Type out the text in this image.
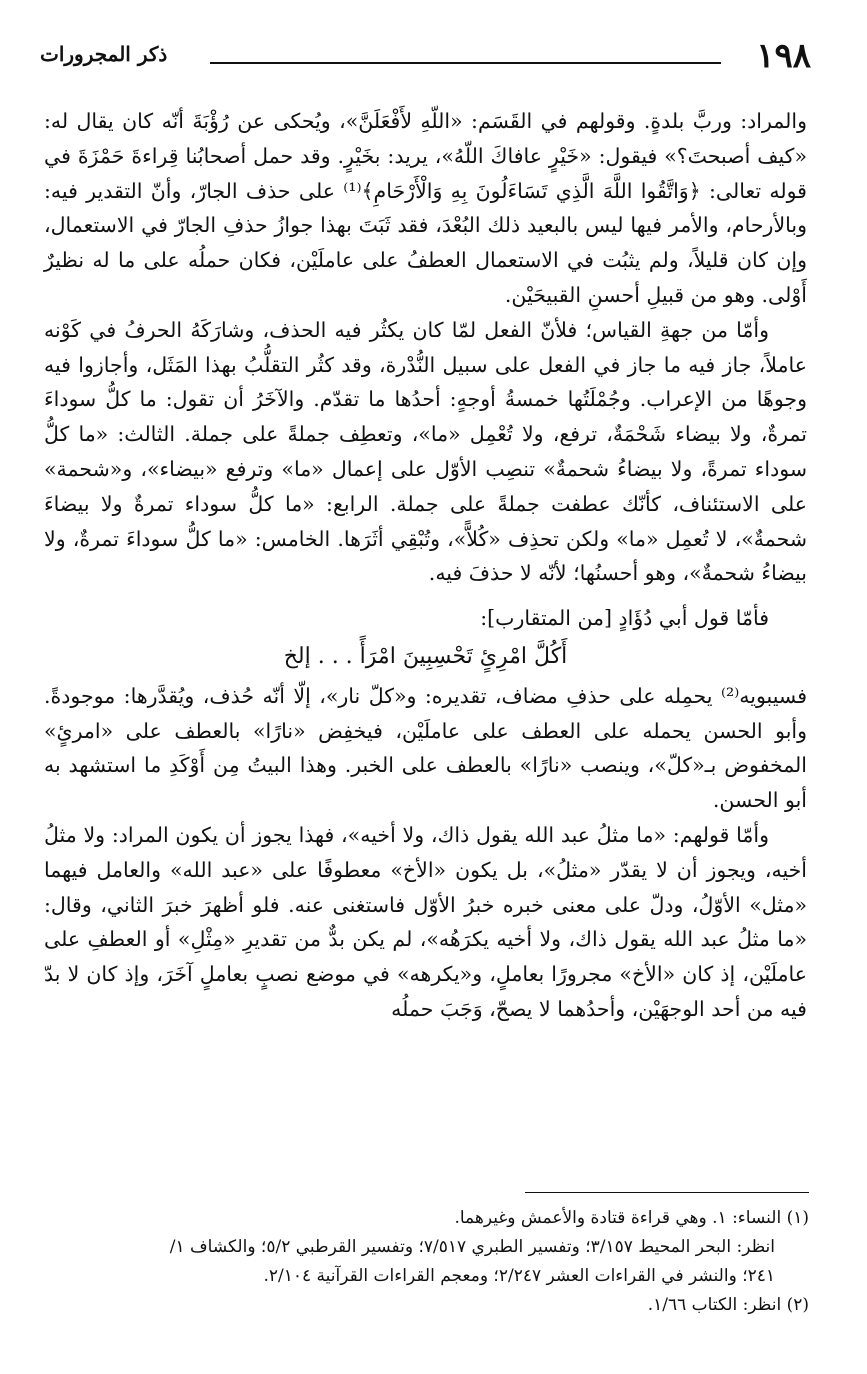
١٩٨
ذكر المجرورات

والمراد: وربَّ بلدةٍ. وقولهم في القَسَم: «اللّهِ لأَفْعَلَنَّ»، ويُحكى عن رُؤْبَةَ أنّه كان يقال له: «كيف أصبحتَ؟» فيقول: «خَيْرٍ عافاكَ اللّهُ»، يريد: بخَيْرٍ. وقد حمل أصحابُنا قِراءةَ حَمْزَةَ في قوله تعالى: ﴿وَاتَّقُوا اللَّهَ الَّذِي تَسَاءَلُونَ بِهِ وَالْأَرْحَامِ﴾⁽¹⁾ على حذف الجارّ، وأنّ التقدير فيه: وبالأرحام، والأمر فيها ليس بالبعيد ذلك البُعْدَ، فقد ثَبَتَ بهذا جوازُ حذفِ الجارّ في الاستعمال، وإن كان قليلاً، ولم يثبُت في الاستعمال العطفُ على عاملَيْن، فكان حملُه على ما له نظيرٌ أَوْلى. وهو من قبيلِ أحسنِ القبيحَيْن.

وأمّا من جهةِ القياس؛ فلأنّ الفعل لمّا كان يكثُر فيه الحذف، وشارَكَهُ الحرفُ في كَوْنه عاملاً، جاز فيه ما جاز في الفعل على سبيل النُّدْرة، وقد كثُر التقلُّبُ بهذا المَثَل، وأجازوا فيه وجوهًا من الإعراب. وجُمْلَتُها خمسةُ أوجهٍ: أحدُها ما تقدّم. والآخَرُ أن تقول: ما كلُّ سوداءَ تمرةٌ، ولا بيضاء شَحْمَةٌ، ترفع، ولا تُعْمِل «ما»، وتعطِف جملةً على جملة. الثالث: «ما كلُّ سوداء تمرةً، ولا بيضاءُ شحمةٌ» تنصِب الأوّل على إعمال «ما» وترفع «بيضاء»، و«شحمة» على الاستئناف، كأنّك عطفت جملةً على جملة. الرابع: «ما كلُّ سوداء تمرةٌ ولا بيضاءَ شحمةٌ»، لا تُعمِل «ما» ولكن تحذِف «كُلاًّ»، وتُبْقِي أثَرَها. الخامس: «ما كلُّ سوداءَ تمرةٌ، ولا بيضاءُ شحمةٌ»، وهو أحسنُها؛ لأنّه لا حذفَ فيه.

فأمّا قول أبي دُؤَادٍ [من المتقارب]:

أَكُلَّ امْرِئٍ تَحْسِبِينَ امْرَأً . . . إلخ

فسيبويه⁽²⁾ يحمِله على حذفِ مضاف، تقديره: و«كلّ نار»، إلّا أنّه حُذف، ويُقدَّرها: موجودةً. وأبو الحسن يحمله على العطف على عاملَيْن، فيخفِض «نارًا» بالعطف على «امرئٍ» المخفوض بـ«كلّ»، وينصب «نارًا» بالعطف على الخبر. وهذا البيتُ مِن أَوْكَدِ ما استشهد به أبو الحسن.

وأمّا قولهم: «ما مثلُ عبد الله يقول ذاك، ولا أخيه»، فهذا يجوز أن يكون المراد: ولا مثلُ أخيه، ويجوز أن لا يقدّر «مثلُ»، بل يكون «الأخ» معطوفًا على «عبد الله» والعامل فيهما «مثل» الأوّلُ، ودلّ على معنى خبره خبرُ الأوّل فاستغنى عنه. فلو أظهرَ خبرَ الثاني، وقال: «ما مثلُ عبد الله يقول ذاك، ولا أخيه يكرَهُه»، لم يكن بدٌّ من تقديرِ «مِثْلِ» أو العطفِ على عاملَيْن، إذ كان «الأخ» مجرورًا بعاملٍ، و«يكرهه» في موضع نصبٍ بعاملٍ آخَرَ، وإذ كان لا بدّ فيه من أحد الوجهَيْن، وأحدُهما لا يصحّ، وَجَبَ حملُه

(١) النساء: ١. وهي قراءة قتادة والأعمش وغيرهما.

انظر: البحر المحيط ٣/١٥٧؛ وتفسير الطبري ٧/٥١٧؛ وتفسير القرطبي ٥/٢؛ والكشاف ١/

٢٤١؛ والنشر في القراءات العشر ٢/٢٤٧؛ ومعجم القراءات القرآنية ٢/١٠٤.

(٢) انظر: الكتاب ١/٦٦.
